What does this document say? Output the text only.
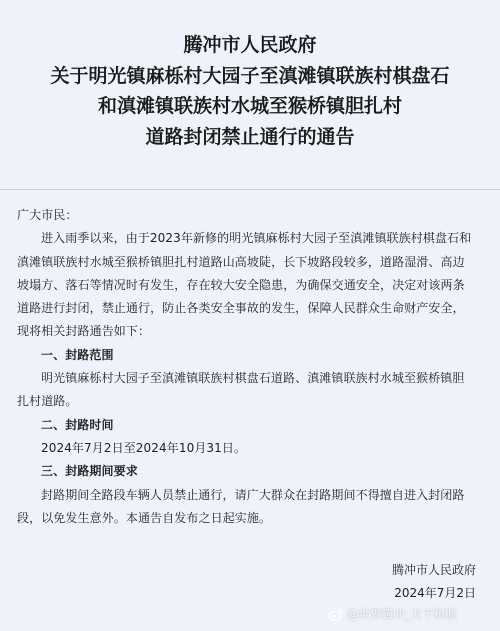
腾冲市人民政府
关于明光镇麻栎村大园子至滇滩镇联族村棋盘石
和滇滩镇联族村水城至猴桥镇胆扎村
道路封闭禁止通行的通告
广大市民：
进入雨季以来，由于2023年新修的明光镇麻栎村大园子至滇滩镇联族村棋盘石和
滇滩镇联族村水城至猴桥镇胆扎村道路山高坡陡，长下坡路段较多，道路湿滑、高边
坡塌方、落石等情况时有发生，存在较大安全隐患，为确保交通安全，决定对该两条
道路进行封闭，禁止通行，防止各类安全事故的发生，保障人民群众生命财产安全，
现将相关封路通告如下：
一、封路范围
明光镇麻栎村大园子至滇滩镇联族村棋盘石道路、滇滩镇联族村水城至猴桥镇胆
扎村道路。
二、封路时间
2024年7月2日至2024年10月31日。
三、封路期间要求
封路期间全路段车辆人员禁止通行，请广大群众在封路期间不得擅自进入封闭路
段，以免发生意外。本通告自发布之日起实施。
腾冲市人民政府
2024年7月2日
@世界腾冲_天下和顺
